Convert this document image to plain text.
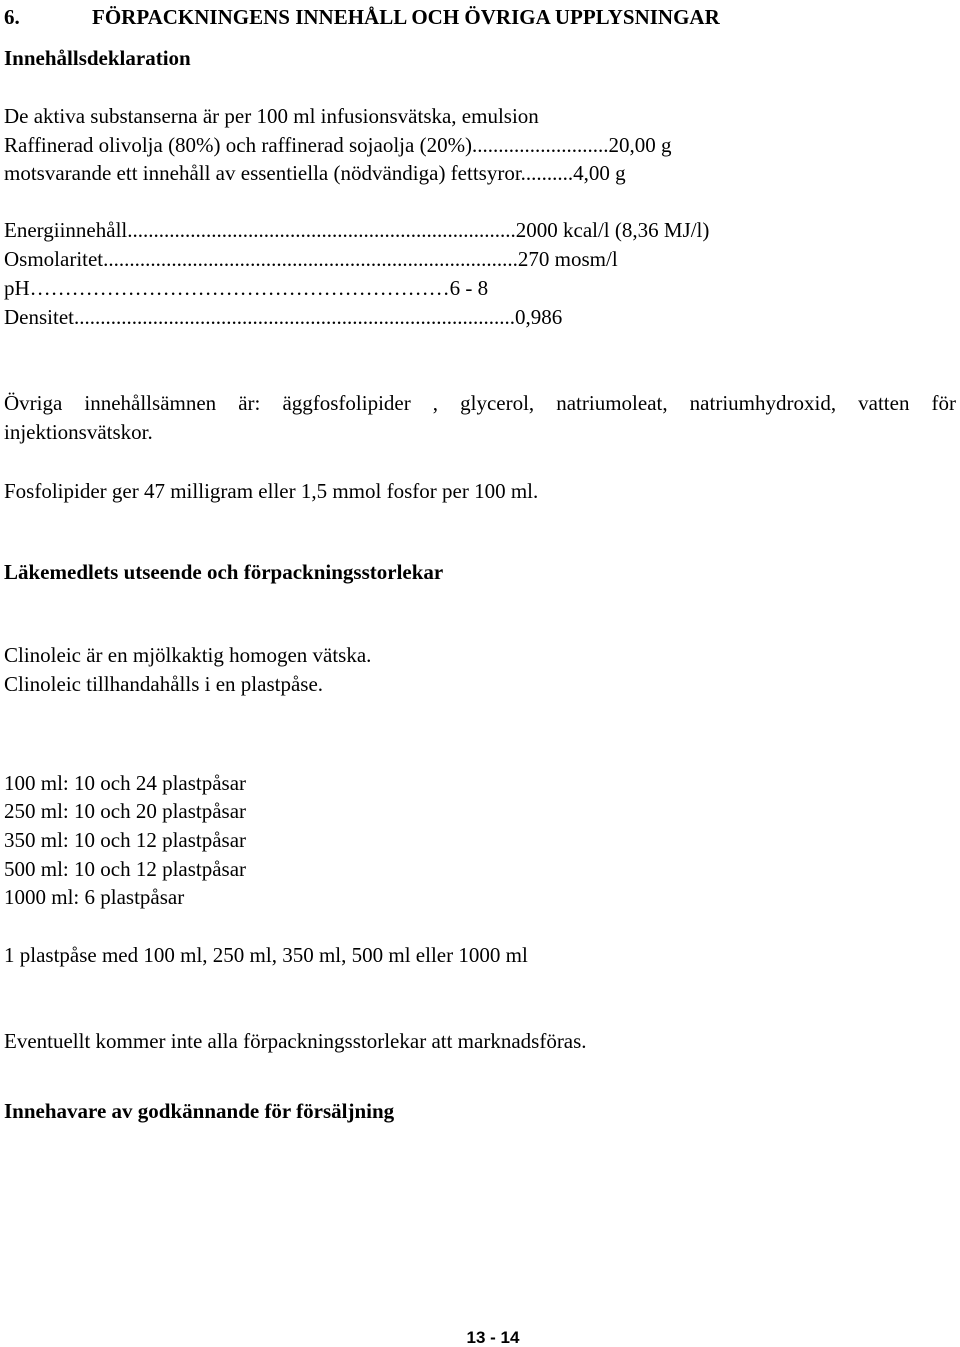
6.	FÖRPACKNINGENS INNEHÅLL OCH ÖVRIGA UPPLYSNINGAR
Innehållsdeklaration
De aktiva substanserna är per 100 ml infusionsvätska, emulsion
Raffinerad olivolja (80%) och raffinerad sojaolja (20%)..........................20,00 g
motsvarande ett innehåll av essentiella (nödvändiga) fettsyror..........4,00 g
Energiinnehåll..........................................................................2000 kcal/l (8,36 MJ/l)
Osmolaritet...............................................................................270 mosm/l
pH……………………………………………………6 - 8
Densitet....................................................................................0,986
Övriga innehållsämnen är: äggfosfolipider , glycerol, natriumoleat, natriumhydroxid, vatten för
injektionsvätskor.
Fosfolipider ger 47 milligram eller 1,5 mmol fosfor per 100 ml.
Läkemedlets utseende och förpackningsstorlekar
Clinoleic är en mjölkaktig homogen vätska.
Clinoleic tillhandahålls i en plastpåse.
100 ml: 10 och 24 plastpåsar
250 ml: 10 och 20 plastpåsar
350 ml: 10 och 12 plastpåsar
500 ml: 10 och 12 plastpåsar
1000 ml: 6 plastpåsar
1 plastpåse med 100 ml, 250 ml, 350 ml, 500 ml eller 1000 ml
Eventuellt kommer inte alla förpackningsstorlekar att marknadsföras.
Innehavare av godkännande för försäljning
13 - 14
